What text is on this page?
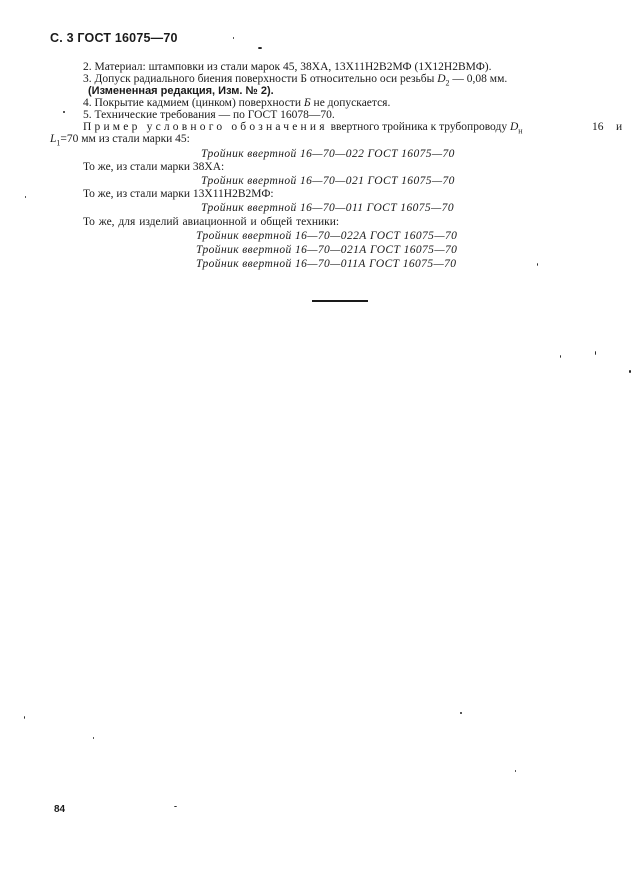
С. 3 ГОСТ 16075—70
2. Материал: штамповки из стали марок 45, 38ХА, 13Х11Н2В2МФ (1Х12Н2ВМФ).
3. Допуск радиального биения поверхности Б относительно оси резьбы $D_2$ — 0,08 мм.
(Измененная редакция, Изм. № 2).
4. Покрытие кадмием (цинком) поверхности Б не допускается.
5. Технические требования — по ГОСТ 16078—70.
Пример условного обозначения ввертного тройника к трубопроводу $D_н$	16 и
$L_1=70$ мм из стали марки 45:
Тройник ввертной 16—70—022 ГОСТ 16075—70
То же, из стали марки 38ХА:
Тройник ввертной 16—70—021 ГОСТ 16075—70
То же, из стали марки 13Х11Н2В2МФ:
Тройник ввертной 16—70—011 ГОСТ 16075—70
То же, для изделий авиационной и общей техники:
Тройник ввертной 16—70—022А ГОСТ 16075—70
Тройник ввертной 16—70—021А ГОСТ 16075—70
Тройник ввертной 16—70—011А ГОСТ 16075—70
84
